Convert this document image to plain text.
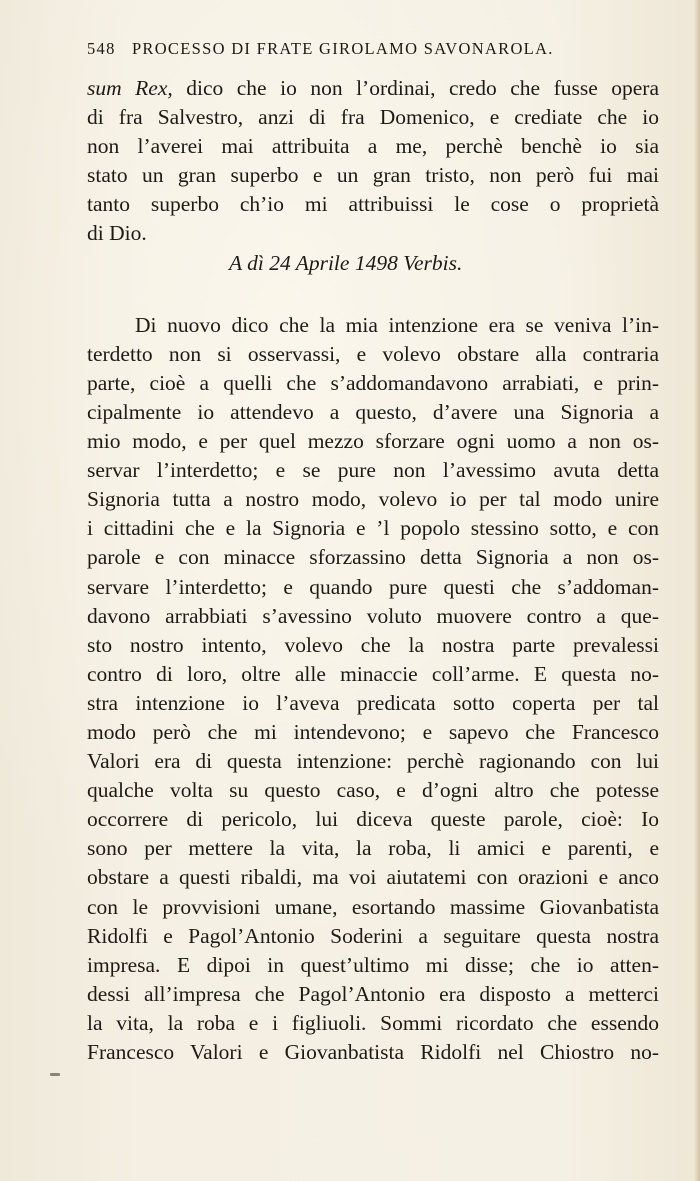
548 PROCESSO DI FRATE GIROLAMO SAVONAROLA.
sum Rex, dico che io non l’ordinai, credo che fusse opera
di fra Salvestro, anzi di fra Domenico, e crediate che io
non l’averei mai attribuita a me, perchè benchè io sia
stato un gran superbo e un gran tristo, non però fui mai
tanto superbo ch’io mi attribuissi le cose o proprietà
di Dio.
A dì 24 Aprile 1498 Verbis.
Di nuovo dico che la mia intenzione era se veniva l’in-
terdetto non si osservassi, e volevo obstare alla contraria
parte, cioè a quelli che s’addomandavono arrabiati, e prin-
cipalmente io attendevo a questo, d’avere una Signoria a
mio modo, e per quel mezzo sforzare ogni uomo a non os-
servar l’interdetto; e se pure non l’avessimo avuta detta
Signoria tutta a nostro modo, volevo io per tal modo unire
i cittadini che e la Signoria e ’l popolo stessino sotto, e con
parole e con minacce sforzassino detta Signoria a non os-
servare l’interdetto; e quando pure questi che s’addoman-
davono arrabbiati s’avessino voluto muovere contro a que-
sto nostro intento, volevo che la nostra parte prevalessi
contro di loro, oltre alle minaccie coll’arme. E questa no-
stra intenzione io l’aveva predicata sotto coperta per tal
modo però che mi intendevono; e sapevo che Francesco
Valori era di questa intenzione: perchè ragionando con lui
qualche volta su questo caso, e d’ogni altro che potesse
occorrere di pericolo, lui diceva queste parole, cioè: Io
sono per mettere la vita, la roba, li amici e parenti, e
obstare a questi ribaldi, ma voi aiutatemi con orazioni e anco
con le provvisioni umane, esortando massime Giovanbatista
Ridolfi e Pagol’Antonio Soderini a seguitare questa nostra
impresa. E dipoi in quest’ultimo mi disse; che io atten-
dessi all’impresa che Pagol’Antonio era disposto a metterci
la vita, la roba e i figliuoli. Sommi ricordato che essendo
Francesco Valori e Giovanbatista Ridolfi nel Chiostro no-
